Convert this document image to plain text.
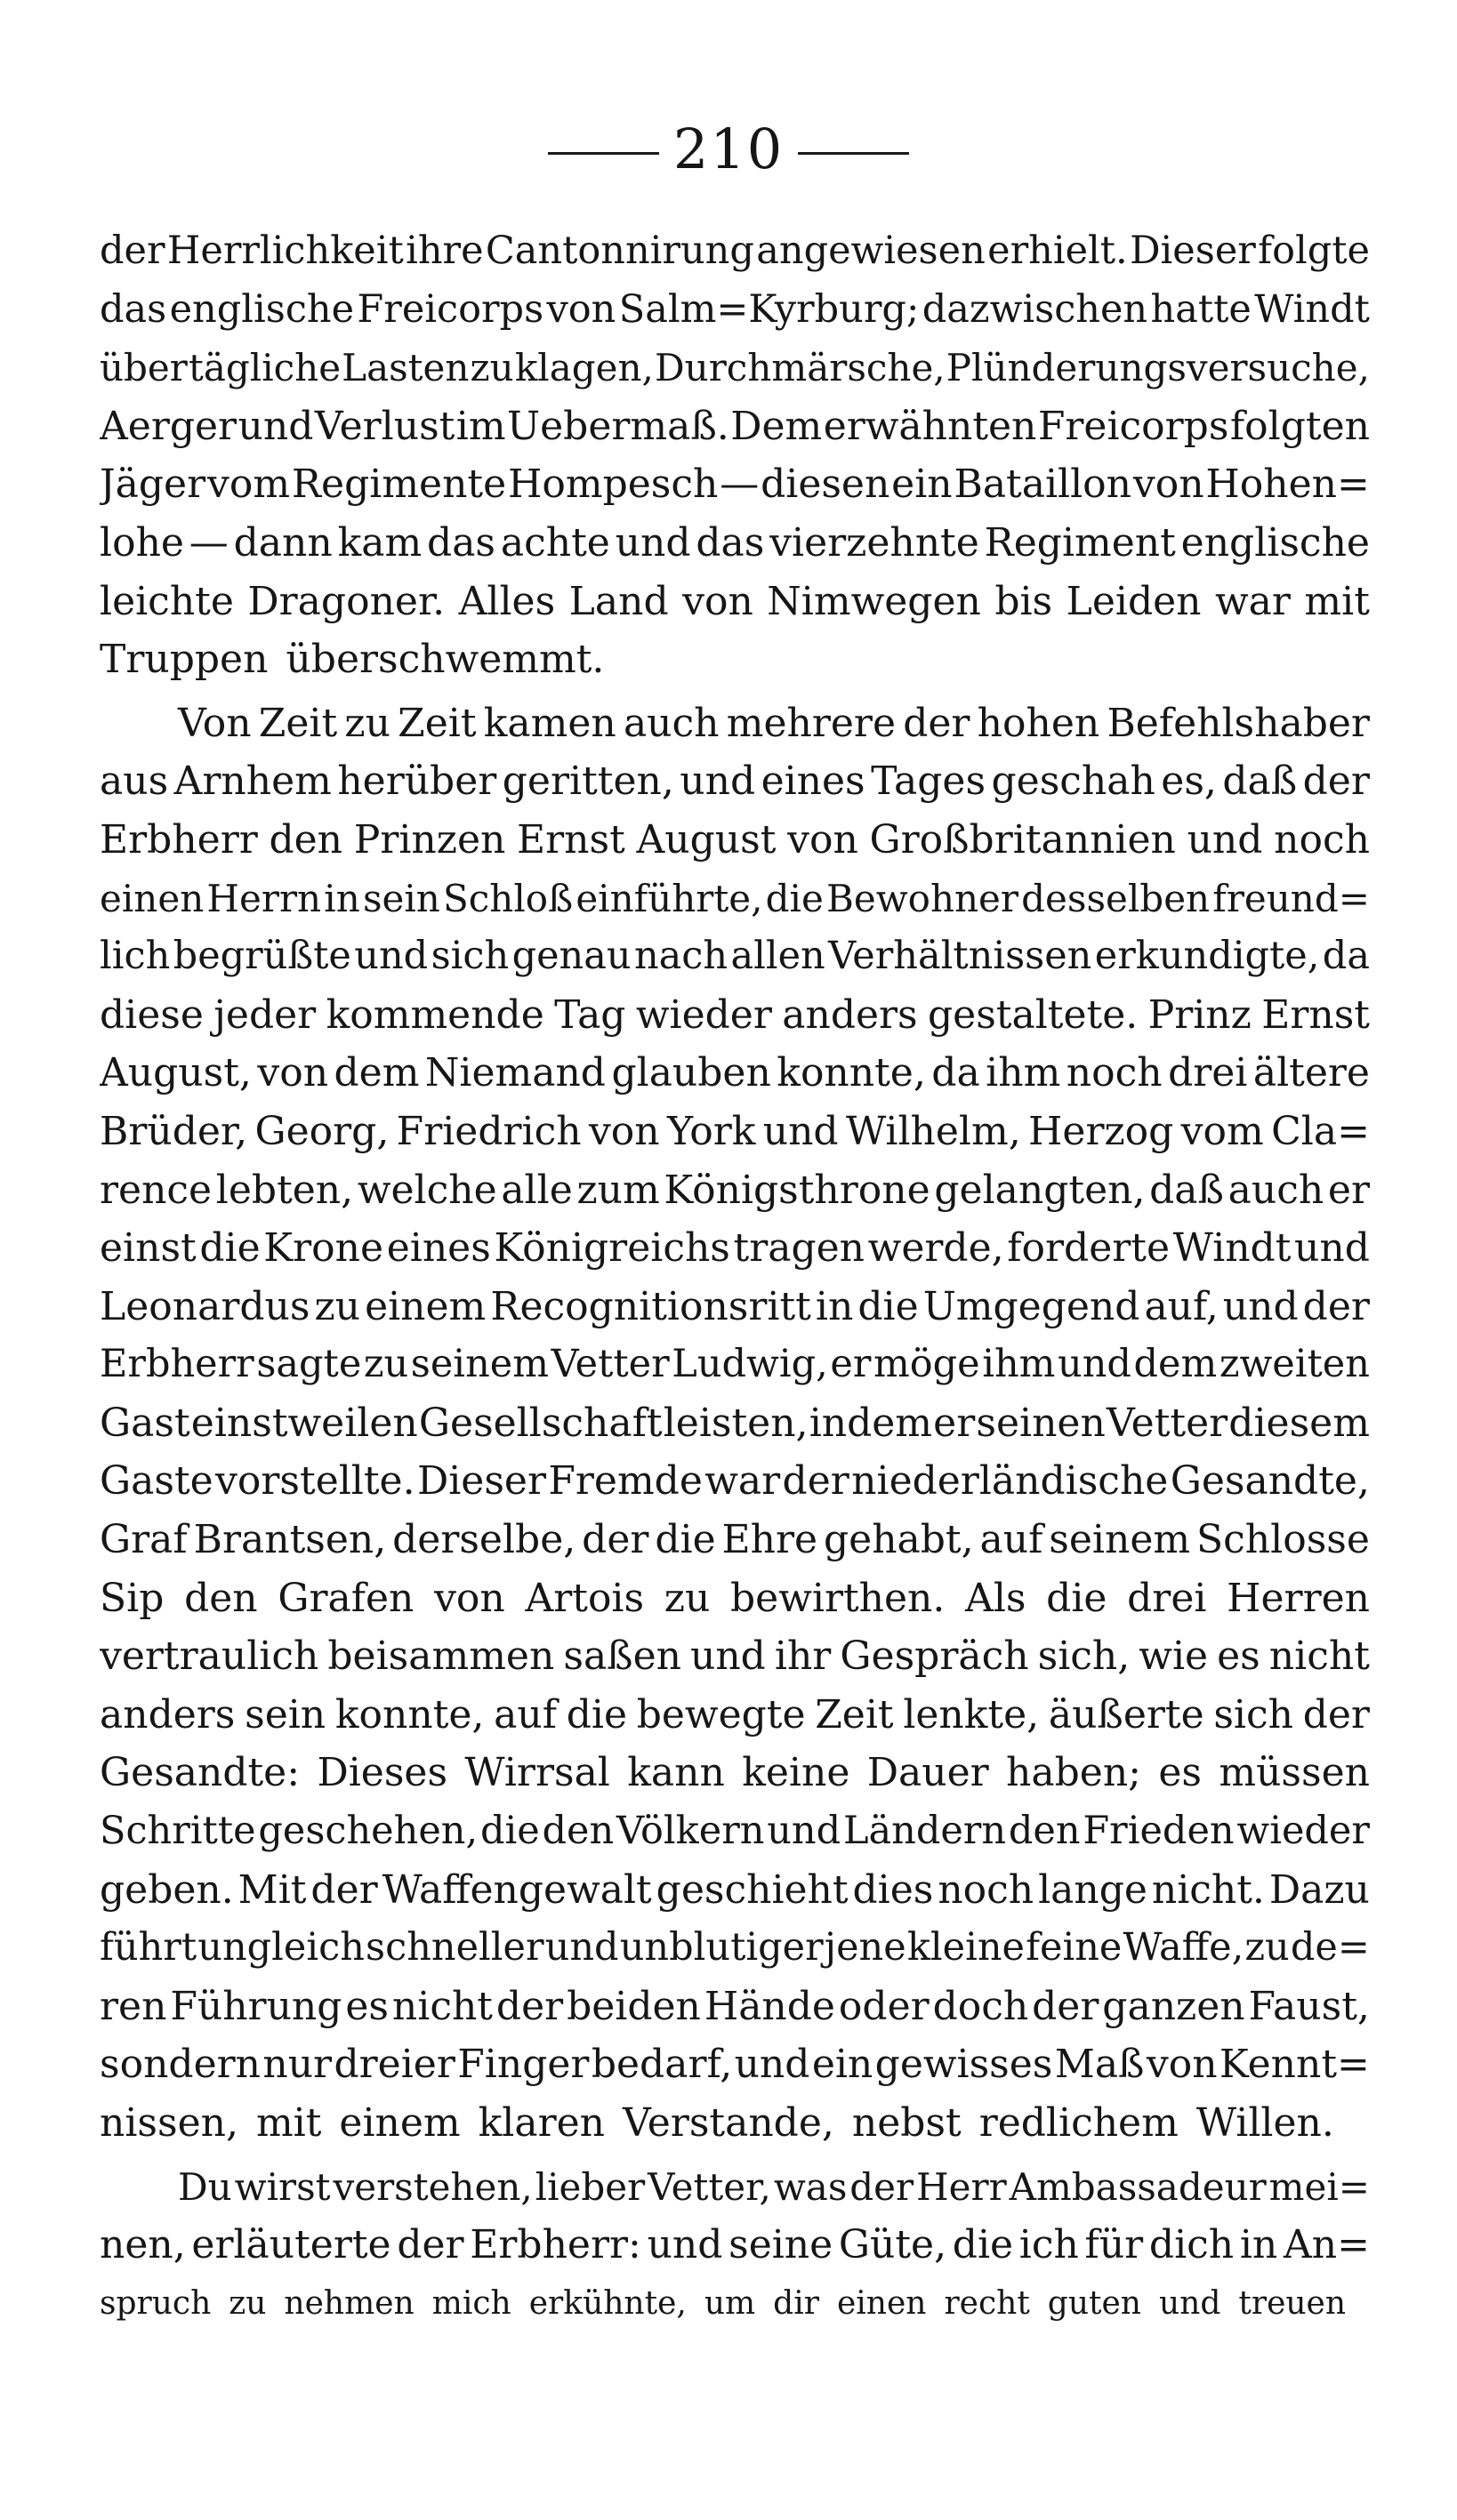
210
der Herrlichkeit ihre Cantonnirung angewiesen erhielt. Dieser folgte
das englische Freicorps von Salm=Kyrburg; dazwischen hatte Windt
über tägliche Lasten zu klagen, Durchmärsche, Plünderungsversuche,
Aerger und Verlust im Uebermaß. Dem erwähnten Freicorps folgten
Jäger vom Regimente Hompesch — diesen ein Bataillon von Hohen=
lohe — dann kam das achte und das vierzehnte Regiment englische
leichte Dragoner. Alles Land von Nimwegen bis Leiden war mit
Truppen überschwemmt.
Von Zeit zu Zeit kamen auch mehrere der hohen Befehlshaber
aus Arnhem herüber geritten, und eines Tages geschah es, daß der
Erbherr den Prinzen Ernst August von Großbritannien und noch
einen Herrn in sein Schloß einführte, die Bewohner desselben freund=
lich begrüßte und sich genau nach allen Verhältnissen erkundigte, da
diese jeder kommende Tag wieder anders gestaltete. Prinz Ernst
August, von dem Niemand glauben konnte, da ihm noch drei ältere
Brüder, Georg, Friedrich von York und Wilhelm, Herzog vom Cla=
rence lebten, welche alle zum Königsthrone gelangten, daß auch er
einst die Krone eines Königreichs tragen werde, forderte Windt und
Leonardus zu einem Recognitionsritt in die Umgegend auf, und der
Erbherr sagte zu seinem Vetter Ludwig, er möge ihm und dem zweiten
Gast einstweilen Gesellschaft leisten, indem er seinen Vetter diesem
Gaste vorstellte. Dieser Fremde war der niederländische Gesandte,
Graf Brantsen, derselbe, der die Ehre gehabt, auf seinem Schlosse
Sip den Grafen von Artois zu bewirthen. Als die drei Herren
vertraulich beisammen saßen und ihr Gespräch sich, wie es nicht
anders sein konnte, auf die bewegte Zeit lenkte, äußerte sich der
Gesandte: Dieses Wirrsal kann keine Dauer haben; es müssen
Schritte geschehen, die den Völkern und Ländern den Frieden wieder
geben. Mit der Waffengewalt geschieht dies noch lange nicht. Dazu
führt ungleich schneller und unblutiger jene kleine feine Waffe, zu de=
ren Führung es nicht der beiden Hände oder doch der ganzen Faust,
sondern nur dreier Finger bedarf, und ein gewisses Maß von Kennt=
nissen, mit einem klaren Verstande, nebst redlichem Willen.
Du wirst verstehen, lieber Vetter, was der Herr Ambassadeur mei=
nen, erläuterte der Erbherr: und seine Güte, die ich für dich in An=
spruch zu nehmen mich erkühnte, um dir einen recht guten und treuen
